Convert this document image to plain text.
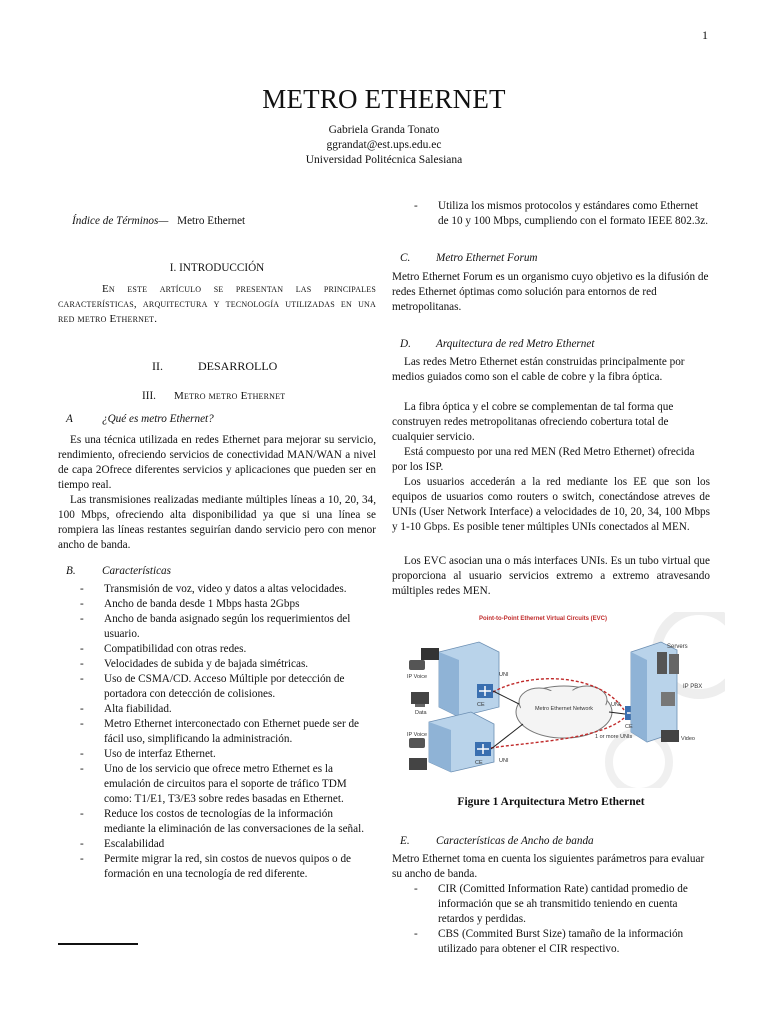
1
METRO ETHERNET
Gabriela Granda Tonato
ggrandat@est.ups.edu.ec
Universidad Politécnica Salesiana
Índice de Términos— Metro Ethernet
I. INTRODUCCIÓN
En este artículo se presentan las principales características, arquitectura y tecnología utilizadas en una red metro Ethernet.
II.	DESARROLLO
III. Metro metro Ethernet
A	¿Qué es metro Ethernet?
Es una técnica utilizada en redes Ethernet para mejorar su servicio, rendimiento, ofreciendo servicios de conectividad MAN/WAN a nivel de capa 2Ofrece diferentes servicios y aplicaciones que pueden ser en tiempo real.
Las transmisiones realizadas mediante múltiples líneas a 10, 20, 34, 100 Mbps, ofreciendo alta disponibilidad ya que si una línea se rompiera las líneas restantes seguirían dando servicio pero con menor ancho de banda.
B. Características
- Transmisión de voz, video y datos a altas velocidades.
- Ancho de banda desde 1 Mbps hasta 2Gbps
- Ancho de banda asignado según los requerimientos del usuario.
- Compatibilidad con otras redes.
- Velocidades de subida y de bajada simétricas.
- Uso de CSMA/CD. Acceso Múltiple por detección de portadora con detección de colisiones.
- Alta fiabilidad.
- Metro Ethernet interconectado con Ethernet puede ser de fácil uso, simplificando la administración.
- Uso de interfaz Ethernet.
- Uno de los servicio que ofrece metro Ethernet es la emulación de circuitos para el soporte de tráfico TDM como: T1/E1, T3/E3 sobre redes basadas en Ethernet.
- Reduce los costos de tecnologías de la información mediante la eliminación de las conversaciones de la señal.
- Escalabilidad
- Permite migrar la red, sin costos de nuevos quipos o de formación en una tecnología de red diferente.
- Utiliza los mismos protocolos y estándares como Ethernet de 10 y 100 Mbps, cumpliendo con el formato IEEE 802.3z.
C. Metro Ethernet Forum
Metro Ethernet Forum es un organismo cuyo objetivo es la difusión de redes Ethernet óptimas como solución para entornos de red metropolitanas.
D. Arquitectura de red Metro Ethernet
Las redes Metro Ethernet están construidas principalmente por medios guiados como son el cable de cobre y la fibra óptica.
La fibra óptica y el cobre se complementan de tal forma que construyen redes metropolitanas ofreciendo cobertura total de cualquier servicio.
Está compuesto por una red MEN (Red Metro Ethernet) ofrecida por los ISP.
Los usuarios accederán a la red mediante los EE que son los equipos de usuarios como routers o switch, conectándose atreves de UNIs (User Network Interface) a velocidades de 10, 20, 34, 100 Mbps y 1-10 Gbps. Es posible tener múltiples UNIs conectados al MEN.
Los EVC asocian una o más interfaces UNIs. Es un tubo virtual que proporciona al usuario servicios extremo a extremo atravesando múltiples redes MEN.
Point-to-Point Ethernet Virtual Circuits (EVC)
Servers
IP PBX
IP Voice
Data
UNI
CE
Metro Ethernet Network
IP Voice
UNI
CE
CE
1 or more UNIs	Video
UNI
Figure 1 Arquitectura Metro Ethernet
E. Características de Ancho de banda
Metro Ethernet toma en cuenta los siguientes parámetros para evaluar su ancho de banda.
- CIR (Comitted Information Rate) cantidad promedio de información que se ah transmitido teniendo en cuenta retardos y perdidas.
- CBS (Commited Burst Size) tamaño de la información utilizado para obtener el CIR respectivo.
